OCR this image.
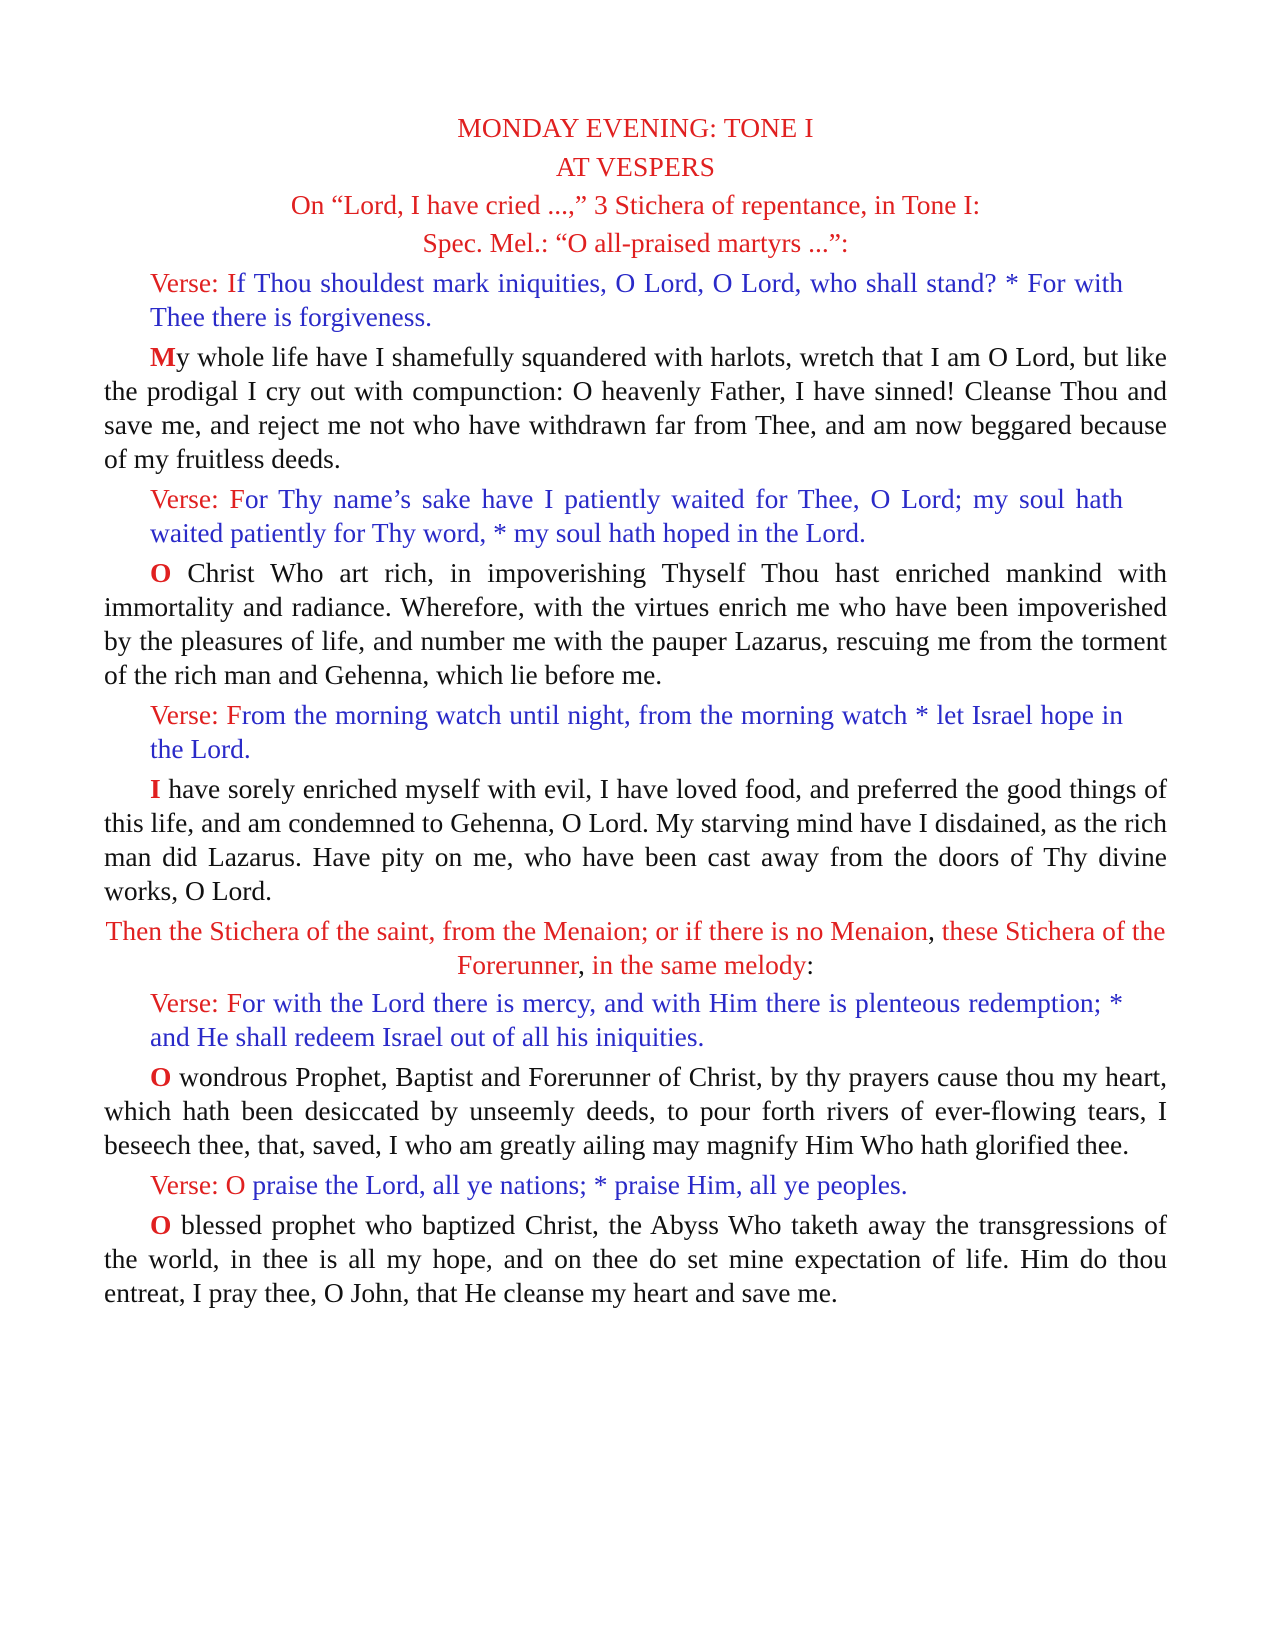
MONDAY EVENING: TONE I
AT VESPERS
On “Lord, I have cried ...,” 3 Stichera of repentance, in Tone I:
Spec. Mel.: “O all-praised martyrs ...”:

Verse: If Thou shouldest mark iniquities, O Lord, O Lord, who shall stand? * For with Thee there is forgiveness.

My whole life have I shamefully squandered with harlots, wretch that I am O Lord, but like the prodigal I cry out with compunction: O heavenly Father, I have sinned! Cleanse Thou and save me, and reject me not who have withdrawn far from Thee, and am now beggared because of my fruitless deeds.

Verse: For Thy name’s sake have I patiently waited for Thee, O Lord; my soul hath waited patiently for Thy word, * my soul hath hoped in the Lord.

O Christ Who art rich, in impoverishing Thyself Thou hast enriched mankind with immortality and radiance. Wherefore, with the virtues enrich me who have been impoverished by the pleasures of life, and number me with the pauper Lazarus, rescuing me from the torment of the rich man and Gehenna, which lie before me.

Verse: From the morning watch until night, from the morning watch * let Israel hope in the Lord.

I have sorely enriched myself with evil, I have loved food, and preferred the good things of this life, and am condemned to Gehenna, O Lord. My starving mind have I disdained, as the rich man did Lazarus. Have pity on me, who have been cast away from the doors of Thy divine works, O Lord.

Then the Stichera of the saint, from the Menaion; or if there is no Menaion, these Stichera of the Forerunner, in the same melody:

Verse: For with the Lord there is mercy, and with Him there is plenteous redemption; * and He shall redeem Israel out of all his iniquities.

O wondrous Prophet, Baptist and Forerunner of Christ, by thy prayers cause thou my heart, which hath been desiccated by unseemly deeds, to pour forth rivers of ever-flowing tears, I beseech thee, that, saved, I who am greatly ailing may magnify Him Who hath glorified thee.

Verse: O praise the Lord, all ye nations; * praise Him, all ye peoples.

O blessed prophet who baptized Christ, the Abyss Who taketh away the transgressions of the world, in thee is all my hope, and on thee do set mine expectation of life. Him do thou entreat, I pray thee, O John, that He cleanse my heart and save me.
